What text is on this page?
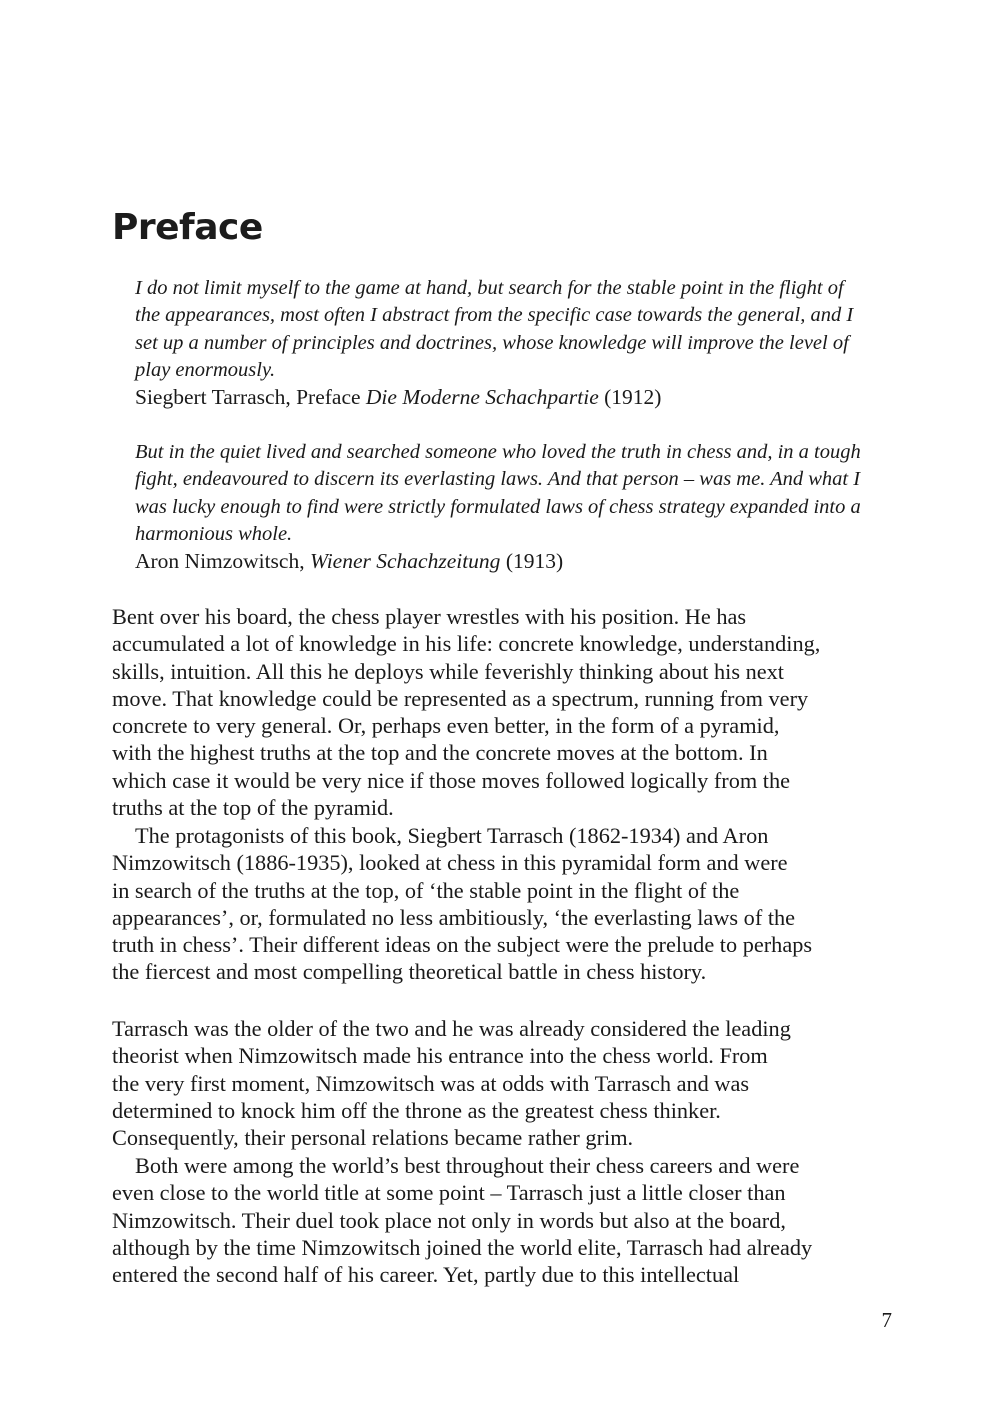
Preface
I do not limit myself to the game at hand, but search for the stable point in the flight of
the appearances, most often I abstract from the specific case towards the general, and I
set up a number of principles and doctrines, whose knowledge will improve the level of
play enormously.
Siegbert Tarrasch, Preface Die Moderne Schachpartie (1912)
But in the quiet lived and searched someone who loved the truth in chess and, in a tough
fight, endeavoured to discern its everlasting laws. And that person – was me. And what I
was lucky enough to find were strictly formulated laws of chess strategy expanded into a
harmonious whole.
Aron Nimzowitsch, Wiener Schachzeitung (1913)

Bent over his board, the chess player wrestles with his position. He has
accumulated a lot of knowledge in his life: concrete knowledge, understanding,
skills, intuition. All this he deploys while feverishly thinking about his next
move. That knowledge could be represented as a spectrum, running from very
concrete to very general. Or, perhaps even better, in the form of a pyramid,
with the highest truths at the top and the concrete moves at the bottom. In
which case it would be very nice if those moves followed logically from the
truths at the top of the pyramid.

The protagonists of this book, Siegbert Tarrasch (1862-1934) and Aron
Nimzowitsch (1886-1935), looked at chess in this pyramidal form and were
in search of the truths at the top, of ‘the stable point in the flight of the
appearances’, or, formulated no less ambitiously, ‘the everlasting laws of the
truth in chess’. Their different ideas on the subject were the prelude to perhaps
the fiercest and most compelling theoretical battle in chess history.

Tarrasch was the older of the two and he was already considered the leading
theorist when Nimzowitsch made his entrance into the chess world. From
the very first moment, Nimzowitsch was at odds with Tarrasch and was
determined to knock him off the throne as the greatest chess thinker.
Consequently, their personal relations became rather grim.

Both were among the world’s best throughout their chess careers and were
even close to the world title at some point – Tarrasch just a little closer than
Nimzowitsch. Their duel took place not only in words but also at the board,
although by the time Nimzowitsch joined the world elite, Tarrasch had already
entered the second half of his career. Yet, partly due to this intellectual

7
